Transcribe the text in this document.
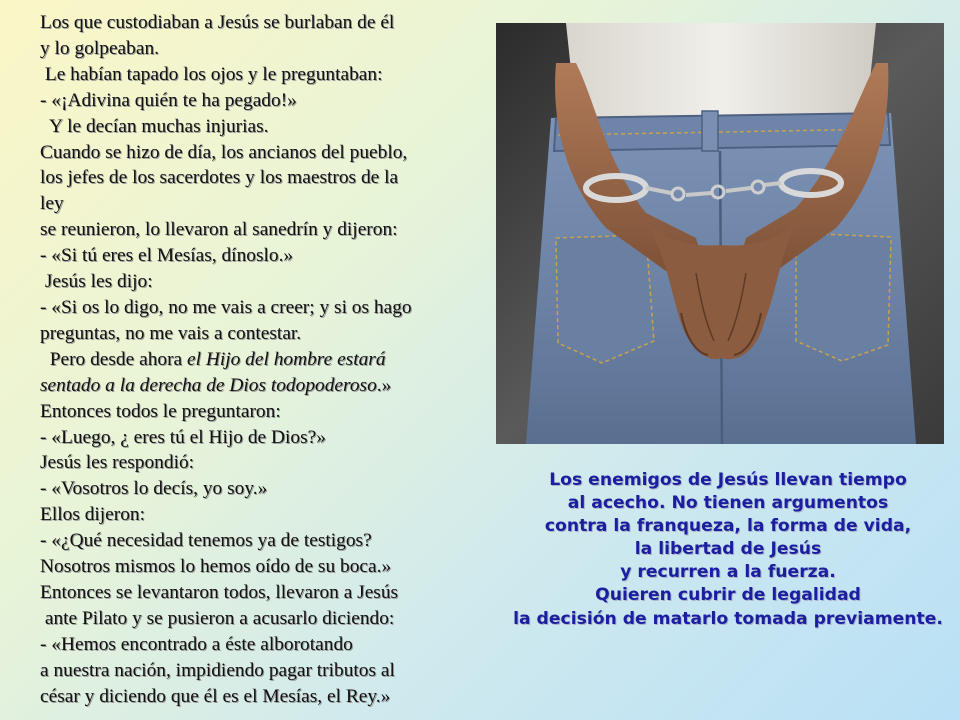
Los que custodiaban a Jesús se burlaban de él
y lo golpeaban.
Le habían tapado los ojos y le preguntaban:
- «¡Adivina quién te ha pegado!»
Y le decían muchas injurias.
Cuando se hizo de día, los ancianos del pueblo,
los jefes de los sacerdotes y los maestros de la
ley
se reunieron, lo llevaron al sanedrín y dijeron:
- «Si tú eres el Mesías, dínoslo.»
Jesús les dijo:
- «Si os lo digo, no me vais a creer; y si os hago
preguntas, no me vais a contestar.
Pero desde ahora el Hijo del hombre estará
sentado a la derecha de Dios todopoderoso.»
Entonces todos le preguntaron:
- «Luego, ¿ eres tú el Hijo de Dios?»
Jesús les respondió:
- «Vosotros lo decís, yo soy.»
Ellos dijeron:
- «¿Qué necesidad tenemos ya de testigos?
Nosotros mismos lo hemos oído de su boca.»
Entonces se levantaron todos, llevaron a Jesús
ante Pilato y se pusieron a acusarlo diciendo:
- «Hemos encontrado a éste alborotando
a nuestra nación, impidiendo pagar tributos al
césar y diciendo que él es el Mesías, el Rey.»
Los enemigos de Jesús llevan tiempo
al acecho. No tienen argumentos
contra la franqueza, la forma de vida,
la libertad de Jesús
y recurren a la fuerza.
Quieren cubrir de legalidad
la decisión de matarlo tomada previamente.
